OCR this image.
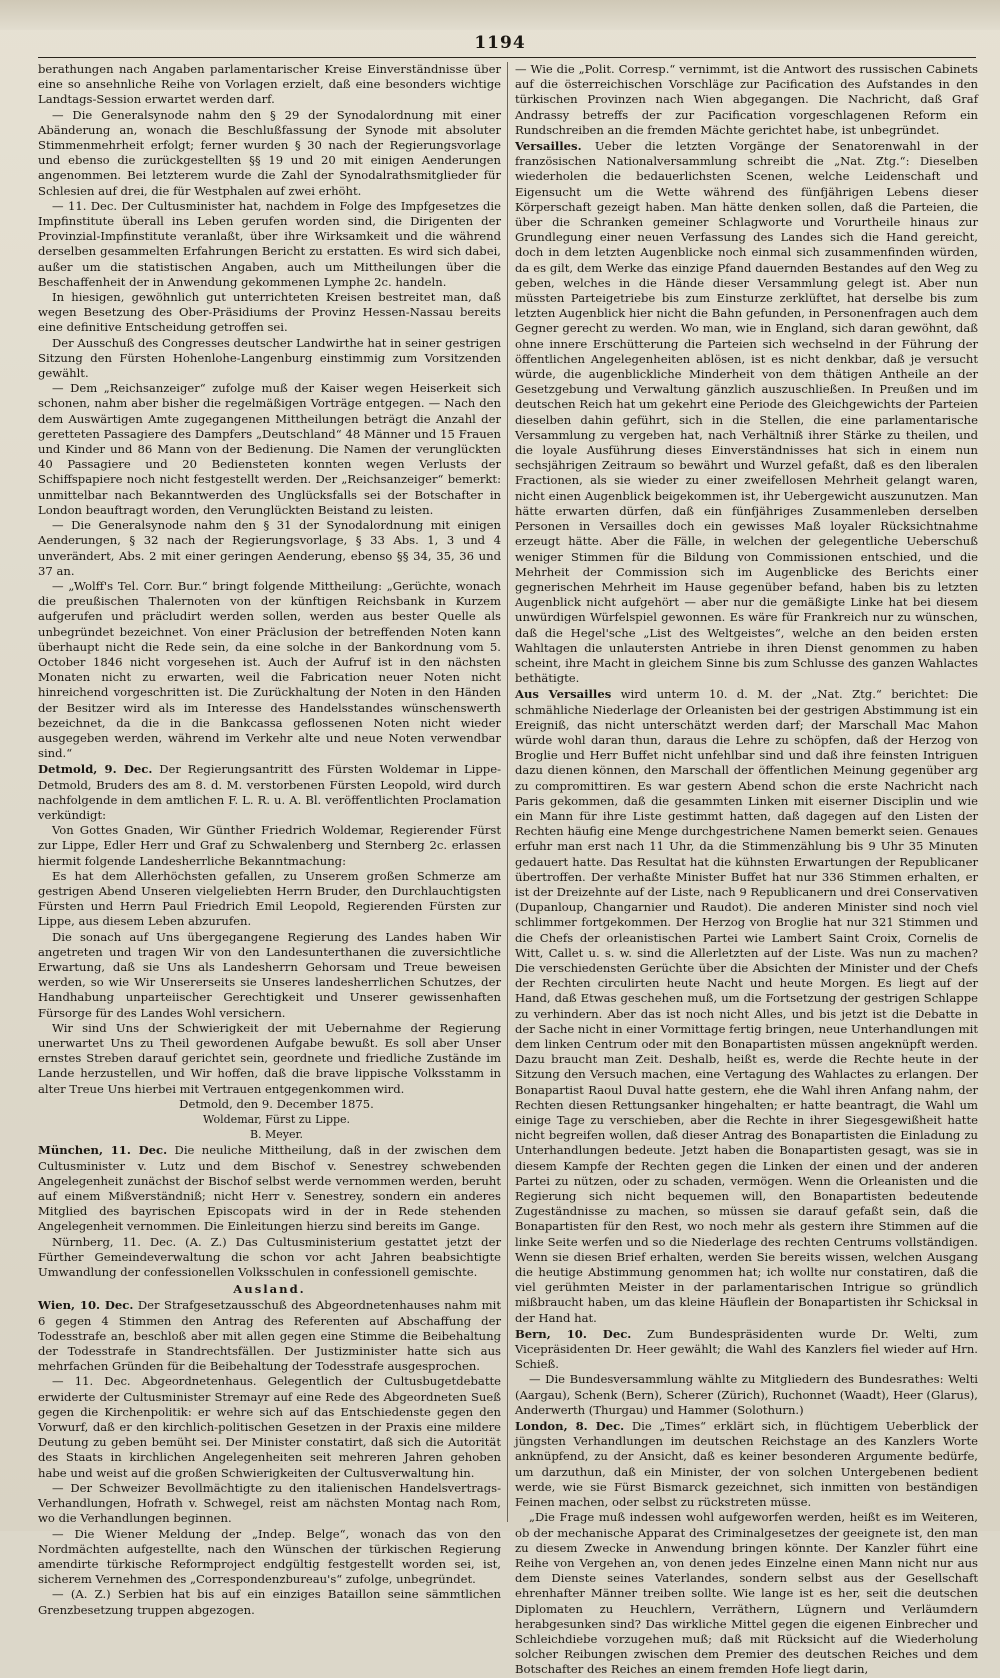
1194

berathungen nach Angaben parlamentarischer Kreise Einverständnisse über eine so ansehnliche Reihe von Vorlagen erzielt, daß eine besonders wichtige Landtags-Session erwartet werden darf.

— Die Generalsynode nahm den § 29 der Synodalordnung mit einer Abänderung an, wonach die Beschlußfassung der Synode mit absoluter Stimmenmehrheit erfolgt; ferner wurden § 30 nach der Regierungsvorlage und ebenso die zurückgestellten §§ 19 und 20 mit einigen Aenderungen angenommen. Bei letzterem wurde die Zahl der Synodalrathsmitglieder für Schlesien auf drei, die für Westphalen auf zwei erhöht.

— 11. Dec. Der Cultusminister hat, nachdem in Folge des Impfgesetzes die Impfinstitute überall ins Leben gerufen worden sind, die Dirigenten der Provinzial-Impfinstitute veranlaßt, über ihre Wirksamkeit und die während derselben gesammelten Erfahrungen Bericht zu erstatten. Es wird sich dabei, außer um die statistischen Angaben, auch um Mittheilungen über die Beschaffenheit der in Anwendung gekommenen Lymphe 2c. handeln.

In hiesigen, gewöhnlich gut unterrichteten Kreisen bestreitet man, daß wegen Besetzung des Ober-Präsidiums der Provinz Hessen-Nassau bereits eine definitive Entscheidung getroffen sei.

Der Ausschuß des Congresses deutscher Landwirthe hat in seiner gestrigen Sitzung den Fürsten Hohenlohe-Langenburg einstimmig zum Vorsitzenden gewählt.

— Dem „Reichsanzeiger“ zufolge muß der Kaiser wegen Heiserkeit sich schonen, nahm aber bisher die regelmäßigen Vorträge entgegen. — Nach den dem Auswärtigen Amte zugegangenen Mittheilungen beträgt die Anzahl der geretteten Passagiere des Dampfers „Deutschland“ 48 Männer und 15 Frauen und Kinder und 86 Mann von der Bedienung. Die Namen der verunglückten 40 Passagiere und 20 Bediensteten konnten wegen Verlusts der Schiffspapiere noch nicht festgestellt werden. Der „Reichsanzeiger“ bemerkt: unmittelbar nach Bekanntwerden des Unglücksfalls sei der Botschafter in London beauftragt worden, den Verunglückten Beistand zu leisten.

— Die Generalsynode nahm den § 31 der Synodalordnung mit einigen Aenderungen, § 32 nach der Regierungsvorlage, § 33 Abs. 1, 3 und 4 unverändert, Abs. 2 mit einer geringen Aenderung, ebenso §§ 34, 35, 36 und 37 an.

— „Wolff's Tel. Corr. Bur.“ bringt folgende Mittheilung: „Gerüchte, wonach die preußischen Thalernoten von der künftigen Reichsbank in Kurzem aufgerufen und präcludirt werden sollen, werden aus bester Quelle als unbegründet bezeichnet. Von einer Präclusion der betreffenden Noten kann überhaupt nicht die Rede sein, da eine solche in der Bankordnung vom 5. October 1846 nicht vorgesehen ist. Auch der Aufruf ist in den nächsten Monaten nicht zu erwarten, weil die Fabrication neuer Noten nicht hinreichend vorgeschritten ist. Die Zurückhaltung der Noten in den Händen der Besitzer wird als im Interesse des Handelsstandes wünschenswerth bezeichnet, da die in die Bankcassa geflossenen Noten nicht wieder ausgegeben werden, während im Verkehr alte und neue Noten verwendbar sind.“

Detmold, 9. Dec. Der Regierungsantritt des Fürsten Woldemar in Lippe-Detmold, Bruders des am 8. d. M. verstorbenen Fürsten Leopold, wird durch nachfolgende in dem amtlichen F. L. R. u. A. Bl. veröffentlichten Proclamation verkündigt:

Von Gottes Gnaden, Wir Günther Friedrich Woldemar, Regierender Fürst zur Lippe, Edler Herr und Graf zu Schwalenberg und Sternberg 2c. erlassen hiermit folgende Landesherrliche Bekanntmachung:

Es hat dem Allerhöchsten gefallen, zu Unserem großen Schmerze am gestrigen Abend Unseren vielgeliebten Herrn Bruder, den Durchlauchtigsten Fürsten und Herrn Paul Friedrich Emil Leopold, Regierenden Fürsten zur Lippe, aus diesem Leben abzurufen.

Die sonach auf Uns übergegangene Regierung des Landes haben Wir angetreten und tragen Wir von den Landesunterthanen die zuversichtliche Erwartung, daß sie Uns als Landesherrn Gehorsam und Treue beweisen werden, so wie Wir Unsererseits sie Unseres landesherrlichen Schutzes, der Handhabung unparteiischer Gerechtigkeit und Unserer gewissenhaften Fürsorge für des Landes Wohl versichern.

Wir sind Uns der Schwierigkeit der mit Uebernahme der Regierung unerwartet Uns zu Theil gewordenen Aufgabe bewußt. Es soll aber Unser ernstes Streben darauf gerichtet sein, geordnete und friedliche Zustände im Lande herzustellen, und Wir hoffen, daß die brave lippische Volksstamm in alter Treue Uns hierbei mit Vertrauen entgegenkommen wird.

Detmold, den 9. December 1875.

Woldemar, Fürst zu Lippe.

B. Meyer.

München, 11. Dec. Die neuliche Mittheilung, daß in der zwischen dem Cultusminister v. Lutz und dem Bischof v. Senestrey schwebenden Angelegenheit zunächst der Bischof selbst werde vernommen werden, beruht auf einem Mißverständniß; nicht Herr v. Senestrey, sondern ein anderes Mitglied des bayrischen Episcopats wird in der in Rede stehenden Angelegenheit vernommen. Die Einleitungen hierzu sind bereits im Gange.

Nürnberg, 11. Dec. (A. Z.) Das Cultusministerium gestattet jetzt der Fürther Gemeindeverwaltung die schon vor acht Jahren beabsichtigte Umwandlung der confessionellen Volksschulen in confessionell gemischte.

Ausland.

Wien, 10. Dec. Der Strafgesetzausschuß des Abgeordnetenhauses nahm mit 6 gegen 4 Stimmen den Antrag des Referenten auf Abschaffung der Todesstrafe an, beschloß aber mit allen gegen eine Stimme die Beibehaltung der Todesstrafe in Standrechtsfällen. Der Justizminister hatte sich aus mehrfachen Gründen für die Beibehaltung der Todesstrafe ausgesprochen.

— 11. Dec. Abgeordnetenhaus. Gelegentlich der Cultusbugetdebatte erwiderte der Cultusminister Stremayr auf eine Rede des Abgeordneten Sueß gegen die Kirchenpolitik: er wehre sich auf das Entschiedenste gegen den Vorwurf, daß er den kirchlich-politischen Gesetzen in der Praxis eine mildere Deutung zu geben bemüht sei. Der Minister constatirt, daß sich die Autorität des Staats in kirchlichen Angelegenheiten seit mehreren Jahren gehoben habe und weist auf die großen Schwierigkeiten der Cultusverwaltung hin.

— Der Schweizer Bevollmächtigte zu den italienischen Handelsvertrags-Verhandlungen, Hofrath v. Schwegel, reist am nächsten Montag nach Rom, wo die Verhandlungen beginnen.

— Die Wiener Meldung der „Indep. Belge“, wonach das von den Nordmächten aufgestellte, nach den Wünschen der türkischen Regierung amendirte türkische Reformproject endgültig festgestellt worden sei, ist, sicherem Vernehmen des „Correspondenzbureau's“ zufolge, unbegründet.

— (A. Z.) Serbien hat bis auf ein einziges Bataillon seine sämmtlichen Grenzbesetzung truppen abgezogen.

— Wie die „Polit. Corresp.“ vernimmt, ist die Antwort des russischen Cabinets auf die österreichischen Vorschläge zur Pacification des Aufstandes in den türkischen Provinzen nach Wien abgegangen. Die Nachricht, daß Graf Andrassy betreffs der zur Pacification vorgeschlagenen Reform ein Rundschreiben an die fremden Mächte gerichtet habe, ist unbegründet.

Versailles. Ueber die letzten Vorgänge der Senatorenwahl in der französischen Nationalversammlung schreibt die „Nat. Ztg.“: Dieselben wiederholen die bedauerlichsten Scenen, welche Leidenschaft und Eigensucht um die Wette während des fünfjährigen Lebens dieser Körperschaft gezeigt haben. Man hätte denken sollen, daß die Parteien, die über die Schranken gemeiner Schlagworte und Vorurtheile hinaus zur Grundlegung einer neuen Verfassung des Landes sich die Hand gereicht, doch in dem letzten Augenblicke noch einmal sich zusammenfinden würden, da es gilt, dem Werke das einzige Pfand dauernden Bestandes auf den Weg zu geben, welches in die Hände dieser Versammlung gelegt ist. Aber nun müssten Parteigetriebe bis zum Einsturze zerklüftet, hat derselbe bis zum letzten Augenblick hier nicht die Bahn gefunden, in Personenfragen auch dem Gegner gerecht zu werden. Wo man, wie in England, sich daran gewöhnt, daß ohne innere Erschütterung die Parteien sich wechselnd in der Führung der öffentlichen Angelegenheiten ablösen, ist es nicht denkbar, daß je versucht würde, die augenblickliche Minderheit von dem thätigen Antheile an der Gesetzgebung und Verwaltung gänzlich auszuschließen. In Preußen und im deutschen Reich hat um gekehrt eine Periode des Gleichgewichts der Parteien dieselben dahin geführt, sich in die Stellen, die eine parlamentarische Versammlung zu vergeben hat, nach Verhältniß ihrer Stärke zu theilen, und die loyale Ausführung dieses Einverständnisses hat sich in einem nun sechsjährigen Zeitraum so bewährt und Wurzel gefaßt, daß es den liberalen Fractionen, als sie wieder zu einer zweifellosen Mehrheit gelangt waren, nicht einen Augenblick beigekommen ist, ihr Uebergewicht auszunutzen. Man hätte erwarten dürfen, daß ein fünfjähriges Zusammenleben derselben Personen in Versailles doch ein gewisses Maß loyaler Rücksichtnahme erzeugt hätte. Aber die Fälle, in welchen der gelegentliche Ueberschuß weniger Stimmen für die Bildung von Commissionen entschied, und die Mehrheit der Commission sich im Augenblicke des Berichts einer gegnerischen Mehrheit im Hause gegenüber befand, haben bis zu letzten Augenblick nicht aufgehört — aber nur die gemäßigte Linke hat bei diesem unwürdigen Würfelspiel gewonnen. Es wäre für Frankreich nur zu wünschen, daß die Hegel'sche „List des Weltgeistes“, welche an den beiden ersten Wahltagen die unlautersten Antriebe in ihren Dienst genommen zu haben scheint, ihre Macht in gleichem Sinne bis zum Schlusse des ganzen Wahlactes bethätigte.

Aus Versailles wird unterm 10. d. M. der „Nat. Ztg.“ berichtet: Die schmähliche Niederlage der Orleanisten bei der gestrigen Abstimmung ist ein Ereigniß, das nicht unterschätzt werden darf; der Marschall Mac Mahon würde wohl daran thun, daraus die Lehre zu schöpfen, daß der Herzog von Broglie und Herr Buffet nicht unfehlbar sind und daß ihre feinsten Intriguen dazu dienen können, den Marschall der öffentlichen Meinung gegenüber arg zu compromittiren. Es war gestern Abend schon die erste Nachricht nach Paris gekommen, daß die gesammten Linken mit eiserner Disciplin und wie ein Mann für ihre Liste gestimmt hatten, daß dagegen auf den Listen der Rechten häufig eine Menge durchgestrichene Namen bemerkt seien. Genaues erfuhr man erst nach 11 Uhr, da die Stimmenzählung bis 9 Uhr 35 Minuten gedauert hatte. Das Resultat hat die kühnsten Erwartungen der Republicaner übertroffen. Der verhaßte Minister Buffet hat nur 336 Stimmen erhalten, er ist der Dreizehnte auf der Liste, nach 9 Republicanern und drei Conservativen (Dupanloup, Changarnier und Raudot). Die anderen Minister sind noch viel schlimmer fortgekommen. Der Herzog von Broglie hat nur 321 Stimmen und die Chefs der orleanistischen Partei wie Lambert Saint Croix, Cornelis de Witt, Callet u. s. w. sind die Allerletzten auf der Liste. Was nun zu machen? Die verschiedensten Gerüchte über die Absichten der Minister und der Chefs der Rechten circulirten heute Nacht und heute Morgen. Es liegt auf der Hand, daß Etwas geschehen muß, um die Fortsetzung der gestrigen Schlappe zu verhindern. Aber das ist noch nicht Alles, und bis jetzt ist die Debatte in der Sache nicht in einer Vormittage fertig bringen, neue Unterhandlungen mit dem linken Centrum oder mit den Bonapartisten müssen angeknüpft werden. Dazu braucht man Zeit. Deshalb, heißt es, werde die Rechte heute in der Sitzung den Versuch machen, eine Vertagung des Wahlactes zu erlangen. Der Bonapartist Raoul Duval hatte gestern, ehe die Wahl ihren Anfang nahm, der Rechten diesen Rettungsanker hingehalten; er hatte beantragt, die Wahl um einige Tage zu verschieben, aber die Rechte in ihrer Siegesgewißheit hatte nicht begreifen wollen, daß dieser Antrag des Bonapartisten die Einladung zu Unterhandlungen bedeute. Jetzt haben die Bonapartisten gesagt, was sie in diesem Kampfe der Rechten gegen die Linken der einen und der anderen Partei zu nützen, oder zu schaden, vermögen. Wenn die Orleanisten und die Regierung sich nicht bequemen will, den Bonapartisten bedeutende Zugeständnisse zu machen, so müssen sie darauf gefaßt sein, daß die Bonapartisten für den Rest, wo noch mehr als gestern ihre Stimmen auf die linke Seite werfen und so die Niederlage des rechten Centrums vollständigen. Wenn sie diesen Brief erhalten, werden Sie bereits wissen, welchen Ausgang die heutige Abstimmung genommen hat; ich wollte nur constatiren, daß die viel gerühmten Meister in der parlamentarischen Intrigue so gründlich mißbraucht haben, um das kleine Häuflein der Bonapartisten ihr Schicksal in der Hand hat.

Bern, 10. Dec. Zum Bundespräsidenten wurde Dr. Welti, zum Vicepräsidenten Dr. Heer gewählt; die Wahl des Kanzlers fiel wieder auf Hrn. Schieß.

— Die Bundesversammlung wählte zu Mitgliedern des Bundesrathes: Welti (Aargau), Schenk (Bern), Scherer (Zürich), Ruchonnet (Waadt), Heer (Glarus), Anderwerth (Thurgau) und Hammer (Solothurn.)

London, 8. Dec. Die „Times“ erklärt sich, in flüchtigem Ueberblick der jüngsten Verhandlungen im deutschen Reichstage an des Kanzlers Worte anknüpfend, zu der Ansicht, daß es keiner besonderen Argumente bedürfe, um darzuthun, daß ein Minister, der von solchen Untergebenen bedient werde, wie sie Fürst Bismarck gezeichnet, sich inmitten von beständigen Feinen machen, oder selbst zu rückstreten müsse.

„Die Frage muß indessen wohl aufgeworfen werden, heißt es im Weiteren, ob der mechanische Apparat des Criminalgesetzes der geeignete ist, den man zu diesem Zwecke in Anwendung bringen könnte. Der Kanzler führt eine Reihe von Vergehen an, von denen jedes Einzelne einen Mann nicht nur aus dem Dienste seines Vaterlandes, sondern selbst aus der Gesellschaft ehrenhafter Männer treiben sollte. Wie lange ist es her, seit die deutschen Diplomaten zu Heuchlern, Verräthern, Lügnern und Verläumdern herabgesunken sind? Das wirkliche Mittel gegen die eigenen Einbrecher und Schleichdiebe vorzugehen muß; daß mit Rücksicht auf die Wiederholung solcher Reibungen zwischen dem Premier des deutschen Reiches und dem Botschafter des Reiches an einem fremden Hofe liegt darin,
